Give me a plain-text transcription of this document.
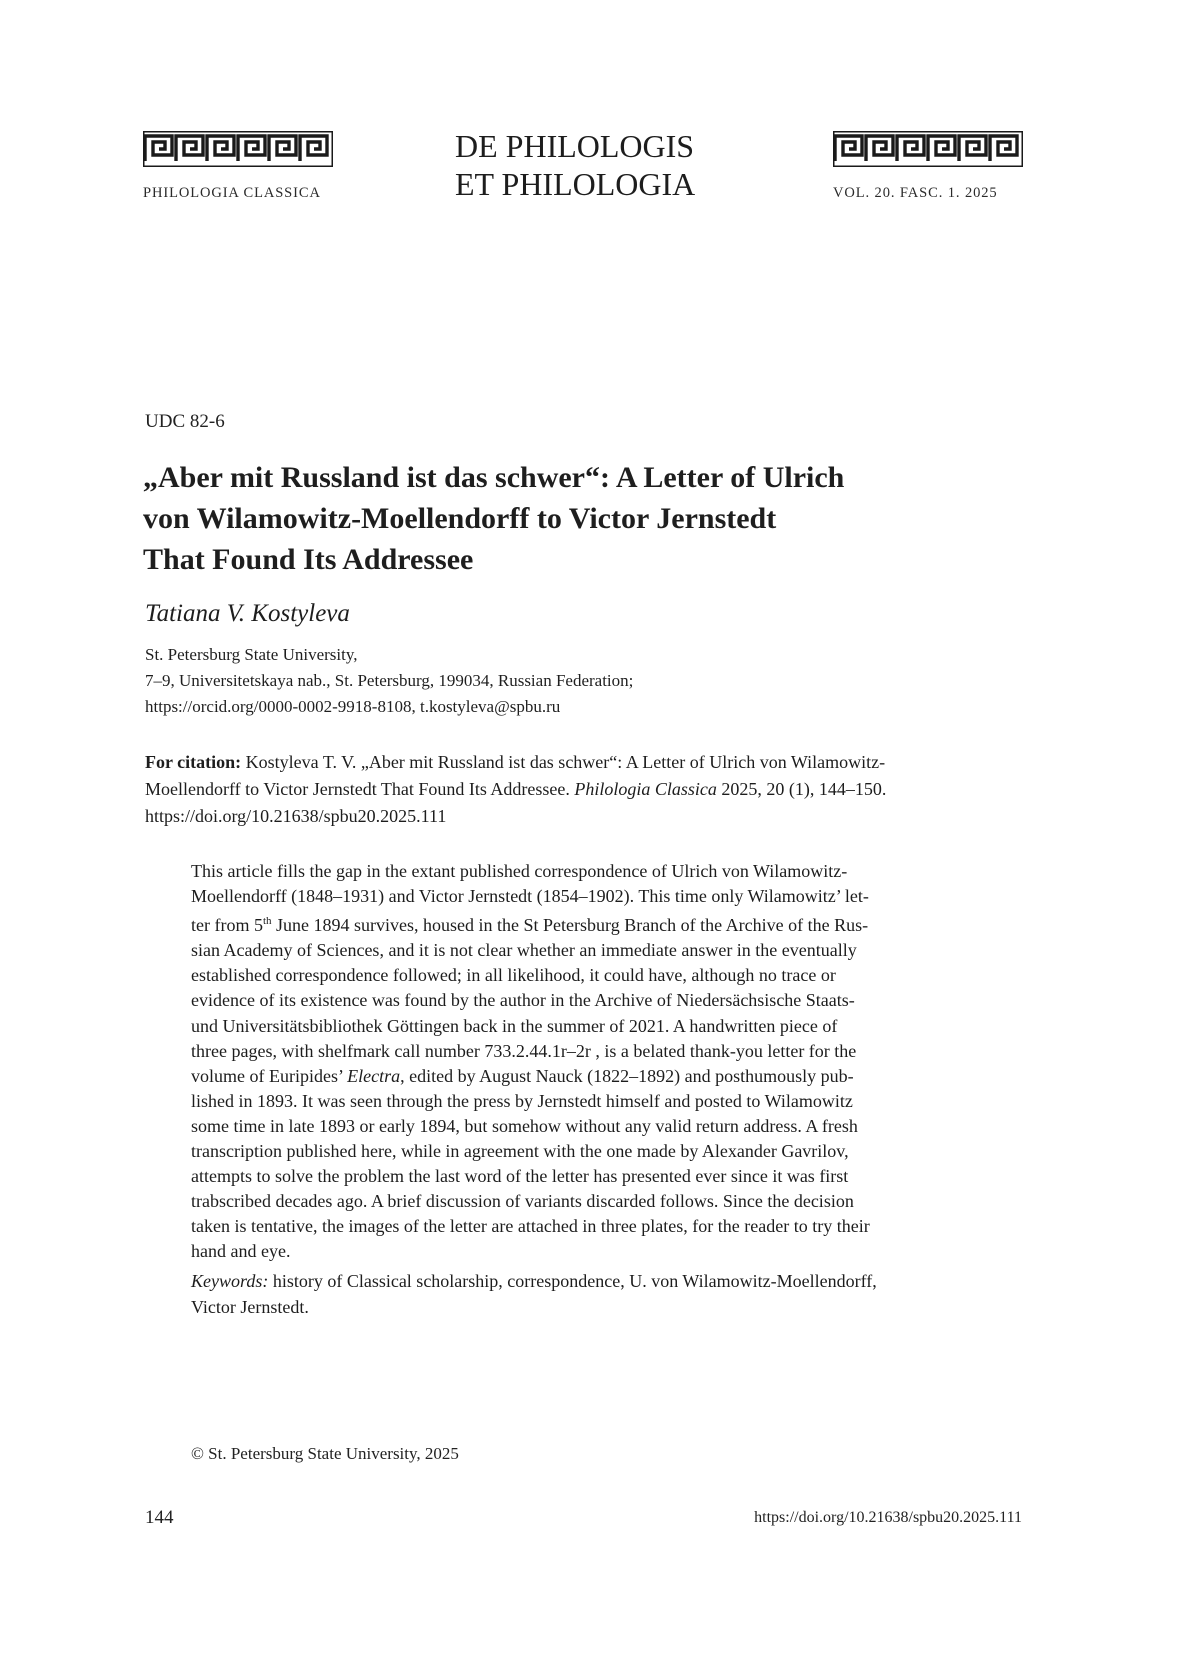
PHILOLOGIA CLASSICA
DE PHILOLOGIS
ET PHILOLOGIA	VOL. 20. FASC. 1. 2025
UDC 82-6
„Aber mit Russland ist das schwer“: A Letter of Ulrich
von Wilamowitz-Moellendorff to Victor Jernstedt
That Found Its Addressee
Tatiana V. Kostyleva
St. Petersburg State University,
7–9, Universitetskaya nab., St. Petersburg, 199034, Russian Federation;
https://orcid.org/0000-0002-9918-8108, t.kostyleva@spbu.ru
For citation: Kostyleva T. V. „Aber mit Russland ist das schwer“: A Letter of Ulrich von Wilamowitz-
Moellendorff to Victor Jernstedt That Found Its Addressee. Philologia Classica 2025, 20 (1), 144–150.
https://doi.org/10.21638/spbu20.2025.111
This article fills the gap in the extant published correspondence of Ulrich von Wilamowitz-
Moellendorff (1848–1931) and Victor Jernstedt (1854–1902). This time only Wilamowitz’ let-
ter from 5th June 1894 survives, housed in the St Petersburg Branch of the Archive of the Rus-
sian Academy of Sciences, and it is not clear whether an immediate answer in the eventually
established correspondence followed; in all likelihood, it could have, although no trace or
evidence of its existence was found by the author in the Archive of Niedersächsische Staats-
und Universitätsbibliothek Göttingen back in the summer of 2021. A handwritten piece of
three pages, with shelfmark call number 733.2.44.1r–2r , is a belated thank-you letter for the
volume of Euripides’ Electra, edited by August Nauck (1822–1892) and posthumously pub-
lished in 1893. It was seen through the press by Jernstedt himself and posted to Wilamowitz
some time in late 1893 or early 1894, but somehow without any valid return address. A fresh
transcription published here, while in agreement with the one made by Alexander Gavrilov,
attempts to solve the problem the last word of the letter has presented ever since it was first
trabscribed decades ago. A brief discussion of variants discarded follows. Since the decision
taken is tentative, the images of the letter are attached in three plates, for the reader to try their
hand and eye.
Keywords: history of Classical scholarship, correspondence, U. von Wilamowitz-Moellendorff,
Victor Jernstedt.
© St. Petersburg State University, 2025
144	https://doi.org/10.21638/spbu20.2025.111
